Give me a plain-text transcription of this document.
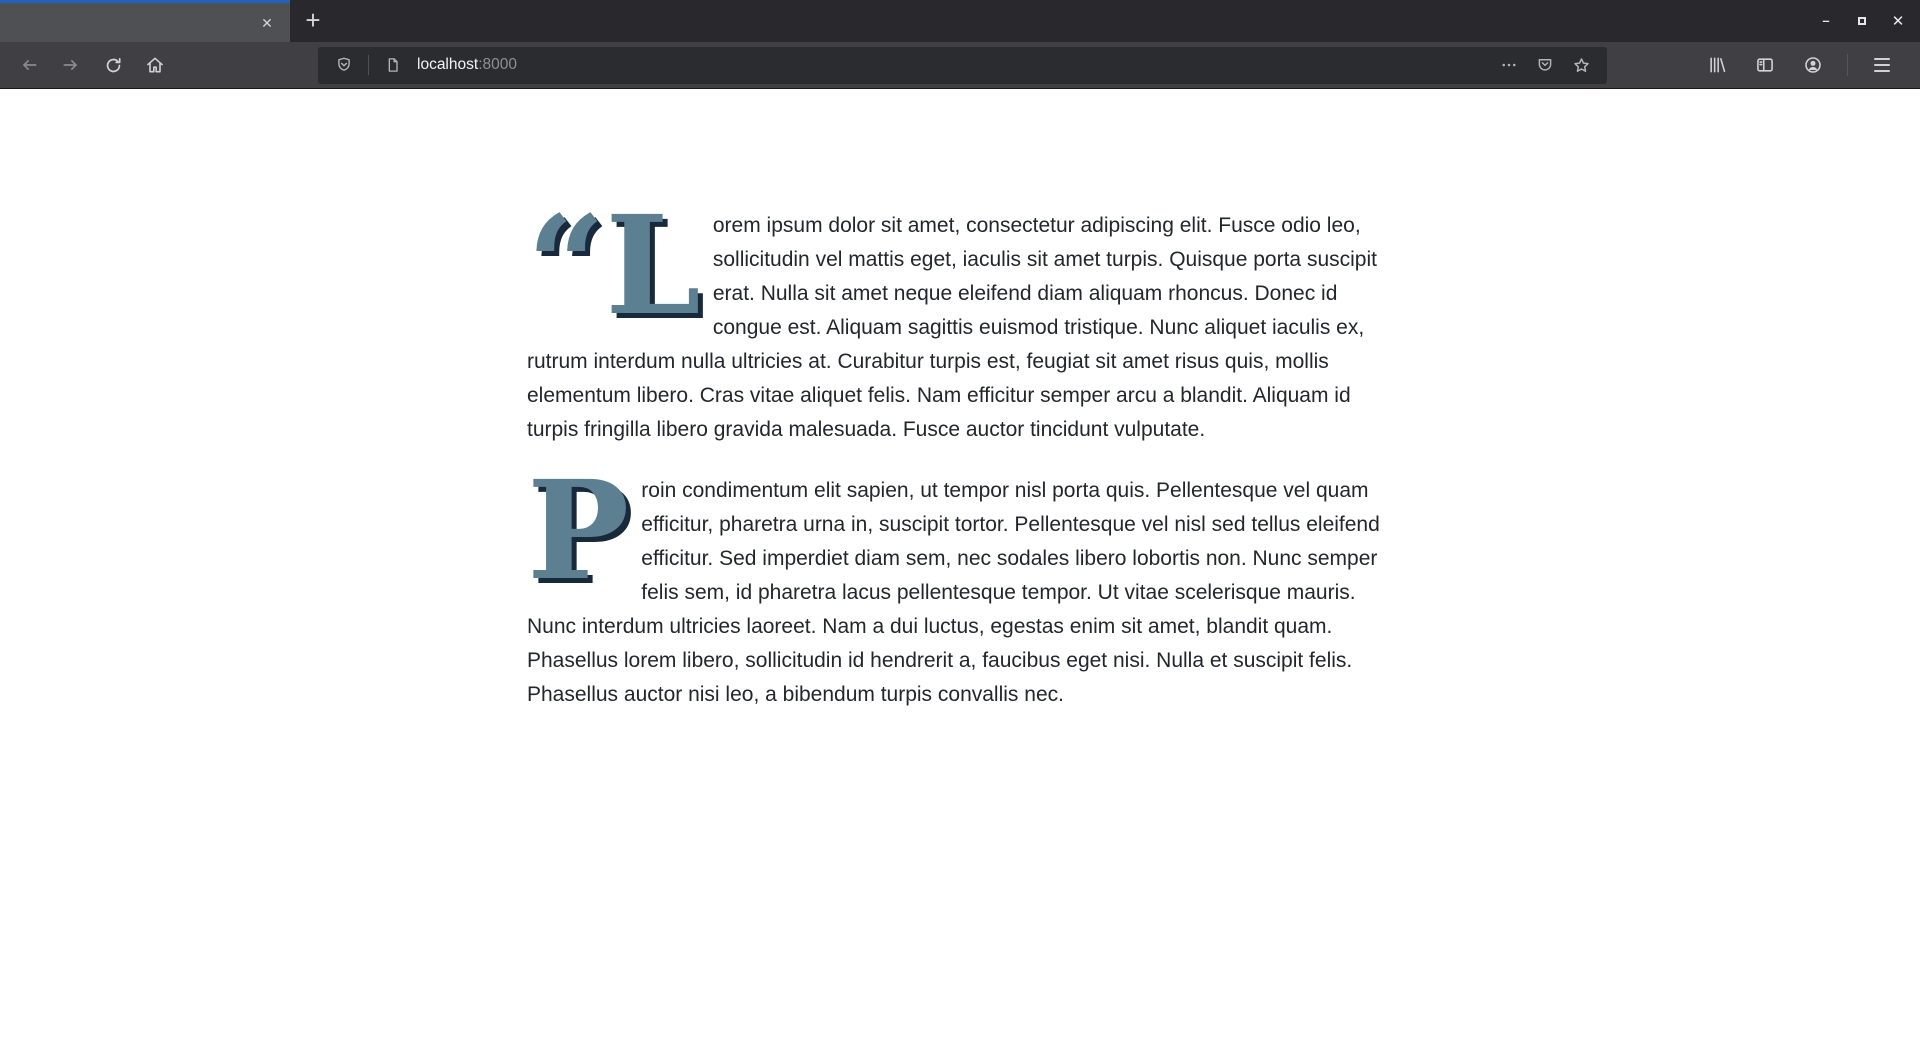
✕	+	–	✕
localhost:8000

“Lorem ipsum dolor sit amet, consectetur adipiscing elit. Fusce odio leo, sollicitudin vel mattis eget, iaculis sit amet turpis. Quisque porta suscipit erat. Nulla sit amet neque eleifend diam aliquam rhoncus. Donec id congue est. Aliquam sagittis euismod tristique. Nunc aliquet iaculis ex, rutrum interdum nulla ultricies at. Curabitur turpis est, feugiat sit amet risus quis, mollis elementum libero. Cras vitae aliquet felis. Nam efficitur semper arcu a blandit. Aliquam id turpis fringilla libero gravida malesuada. Fusce auctor tincidunt vulputate.

Proin condimentum elit sapien, ut tempor nisl porta quis. Pellentesque vel quam efficitur, pharetra urna in, suscipit tortor. Pellentesque vel nisl sed tellus eleifend efficitur. Sed imperdiet diam sem, nec sodales libero lobortis non. Nunc semper felis sem, id pharetra lacus pellentesque tempor. Ut vitae scelerisque mauris. Nunc interdum ultricies laoreet. Nam a dui luctus, egestas enim sit amet, blandit quam. Phasellus lorem libero, sollicitudin id hendrerit a, faucibus eget nisi. Nulla et suscipit felis. Phasellus auctor nisi leo, a bibendum turpis convallis nec.
